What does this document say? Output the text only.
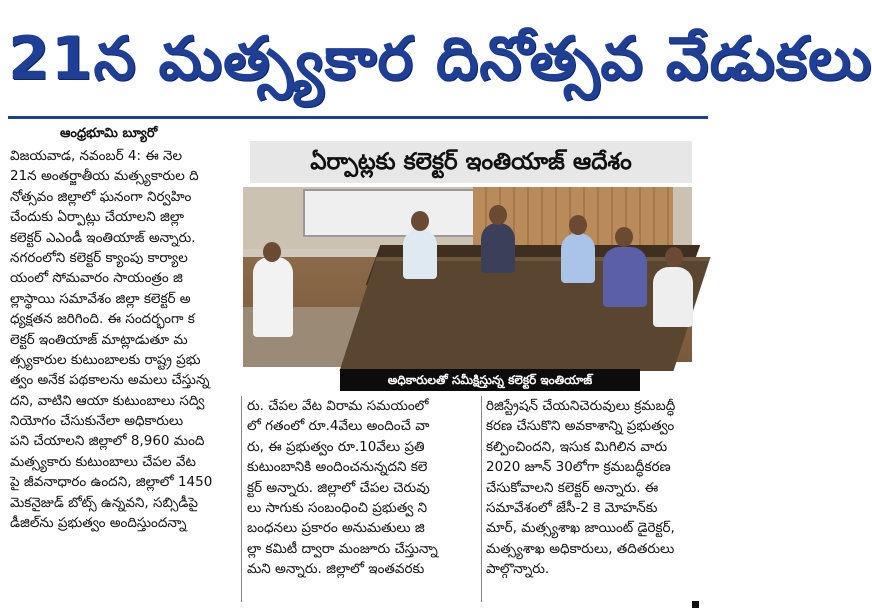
21న మత్స్యకార దినోత్సవ వేడుకలు
ఆంధ్రభూమి బ్యూరో
ఏర్పాట్లకు కలెక్టర్ ఇంతియాజ్ ఆదేశం
అధికారులతో సమీక్షిస్తున్న కలెక్టర్ ఇంతియాజ్
విజయవాడ, నవంబర్ 4: ఈ నెల
21న అంతర్జాతీయ మత్స్యకారుల ది
నోత్సవం జిల్లాలో ఘనంగా నిర్వహిం
చేందుకు ఏర్పాట్లు చేయాలని జిల్లా
కలెక్టర్ ఎఎండీ ఇంతియాజ్ అన్నారు.
నగరంలోని కలెక్టర్ క్యాంపు కార్యాల
యంలో సోమవారం సాయంత్రం జి
ల్లాస్థాయి సమావేశం జిల్లా కలెక్టర్ అ
ధ్యక్షతన జరిగింది. ఈ సందర్భంగా క
లెక్టర్ ఇంతియాజ్ మాట్లాడుతూ మ
త్స్యకారుల కుటుంబాలకు రాష్ట్ర ప్రభు
త్వం అనేక పథకాలను అమలు చేస్తున్న
దని, వాటిని ఆయా కుటుంబాలు సద్వి
నియోగం చేసుకునేలా అధికారులు
పని చేయాలని జిల్లాలో 8,960 మంది
మత్స్యకారు కుటుంబాలు చేపల వేట
పై జీవనాధారం ఉందని, జిల్లాలో 1450
మెకనైజుడ్ బోట్స్ ఉన్నవని, సబ్సిడీపై
డీజిల్‌ను ప్రభుత్వం అందిస్తుందన్నా
రు. చేపల వేట విరామ సమయంలో
లో గతంలో రూ.4వేలు అందించే వా
రు, ఈ ప్రభుత్వం రూ.10వేలు ప్రతి
కుటుంబానికి అందించనున్నదని కలె
క్టర్ అన్నారు. జిల్లాలో చేపల చెరువు
లు సాగుకు సంబంధించి ప్రభుత్వ ని
బంధనలు ప్రకారం అనుమతులు జి
ల్లా కమిటీ ద్వారా మంజూరు చేస్తున్నా
మని అన్నారు. జిల్లాలో ఇంతవరకు
రిజిస్ట్రేషన్ చేయనిచెరువులు క్రమబద్ధీ
కరణ చేసుకొని అవకాశాన్ని ప్రభుత్వం
కల్పించిందని, ఇసుక మిగిలిన వారు
2020 జూన్ 30లోగా క్రమబద్ధీకరణ
చేసుకోవాలని కలెక్టర్ అన్నారు. ఈ
సమావేశంలో జేసీ-2 కె మోహన్‌కు
మార్, మత్స్యశాఖ జాయింట్ డైరెక్టర్,
మత్స్యశాఖ అధికారులు, తదితరులు
పాల్గొన్నారు.
